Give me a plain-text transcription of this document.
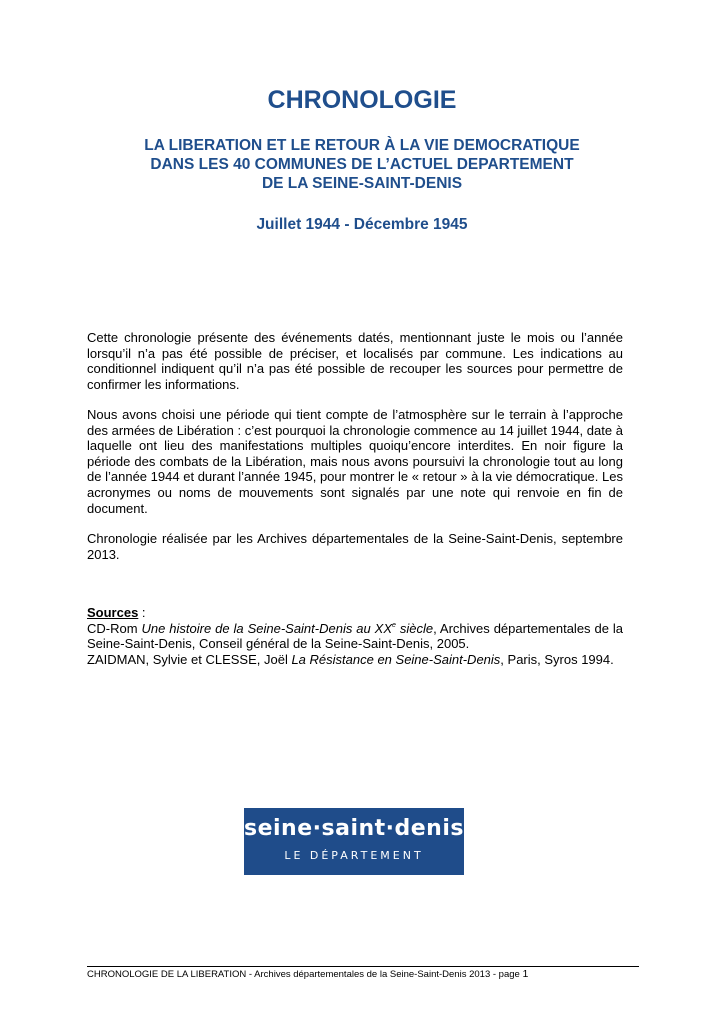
CHRONOLOGIE
LA LIBERATION ET LE RETOUR À LA VIE DEMOCRATIQUE
DANS LES 40 COMMUNES DE L’ACTUEL DEPARTEMENT
DE LA SEINE-SAINT-DENIS
Juillet 1944 - Décembre 1945

Cette chronologie présente des événements datés, mentionnant juste le mois ou l’année lorsqu’il n’a pas été possible de préciser, et localisés par commune. Les indications au conditionnel indiquent qu’il n’a pas été possible de recouper les sources pour permettre de confirmer les informations.

Nous avons choisi une période qui tient compte de l’atmosphère sur le terrain à l’approche des armées de Libération : c’est pourquoi la chronologie commence au 14 juillet 1944, date à laquelle ont lieu des manifestations multiples quoiqu’encore interdites. En noir figure la période des combats de la Libération, mais nous avons poursuivi la chronologie tout au long de l’année 1944 et durant l’année 1945, pour montrer le « retour » à la vie démocratique. Les acronymes ou noms de mouvements sont signalés par une note qui renvoie en fin de document.

Chronologie réalisée par les Archives départementales de la Seine-Saint-Denis, septembre 2013.

Sources :
CD-Rom Une histoire de la Seine-Saint-Denis au XXe siècle, Archives départementales de la Seine-Saint-Denis, Conseil général de la Seine-Saint-Denis, 2005.
ZAIDMAN, Sylvie et CLESSE, Joël La Résistance en Seine-Saint-Denis, Paris, Syros 1994.
seine·saint·denis
LE DÉPARTEMENT
CHRONOLOGIE DE LA LIBERATION - Archives départementales de la Seine-Saint-Denis 2013 - page 1
